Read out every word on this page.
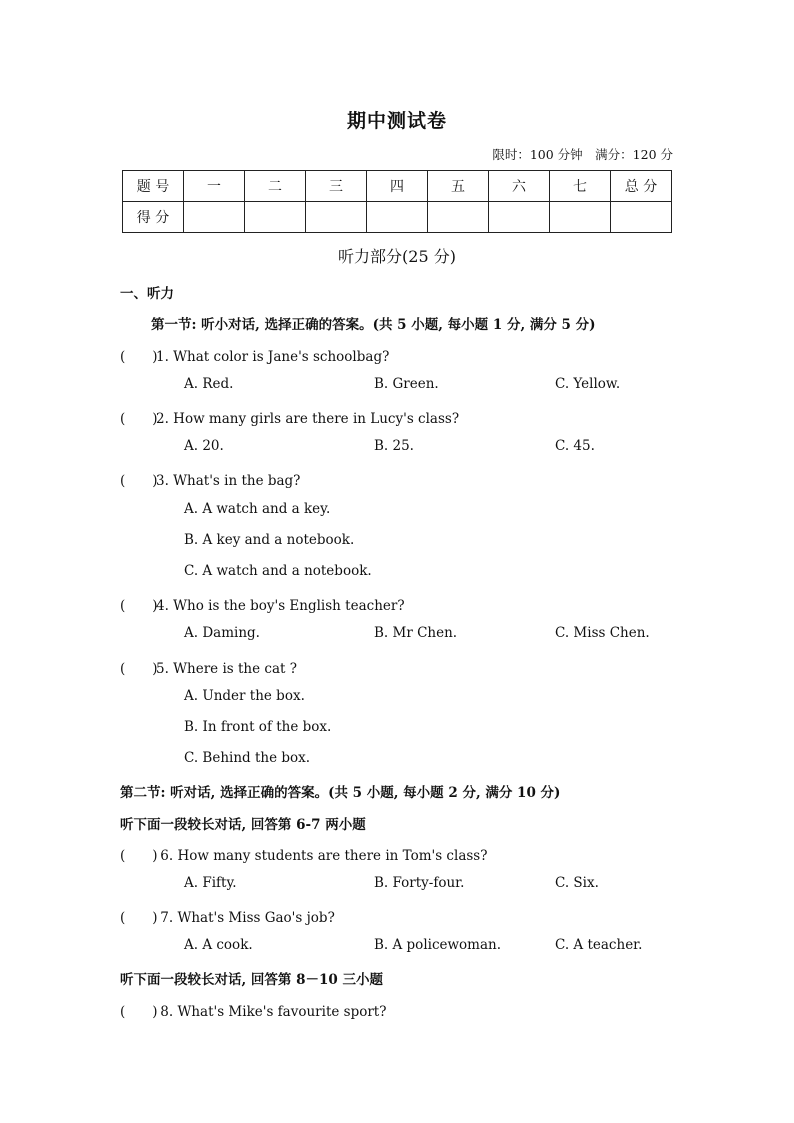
期中测试卷
限时：100 分钟　满分：120 分
题 号	一	二	三	四	五	六	七	总 分
得 分								
听力部分(25 分)
一、听力
第一节: 听小对话, 选择正确的答案。(共 5 小题, 每小题 1 分, 满分 5 分)
(　　)1. What color is Jane's schoolbag?
A. Red.	B. Green.	C. Yellow.
(　　)2. How many girls are there in Lucy's class?
A. 20.	B. 25.	C. 45.
(　　)3. What's in the bag?
A. A watch and a key.
B. A key and a notebook.
C. A watch and a notebook.
(　　)4. Who is the boy's English teacher?
A. Daming.	B. Mr Chen.	C. Miss Chen.
(　　)5. Where is the cat ?
A. Under the box.
B. In front of the box.
C. Behind the box.
第二节: 听对话, 选择正确的答案。(共 5 小题, 每小题 2 分, 满分 10 分)
听下面一段较长对话, 回答第 6-7 两小题
(　　) 6. How many students are there in Tom's class?
A. Fifty.	B. Forty-four.	C. Six.
(　　) 7. What's Miss Gao's job?
A. A cook.	B. A policewoman.	C. A teacher.
听下面一段较长对话, 回答第 8－10 三小题
(　　) 8. What's Mike's favourite sport?
